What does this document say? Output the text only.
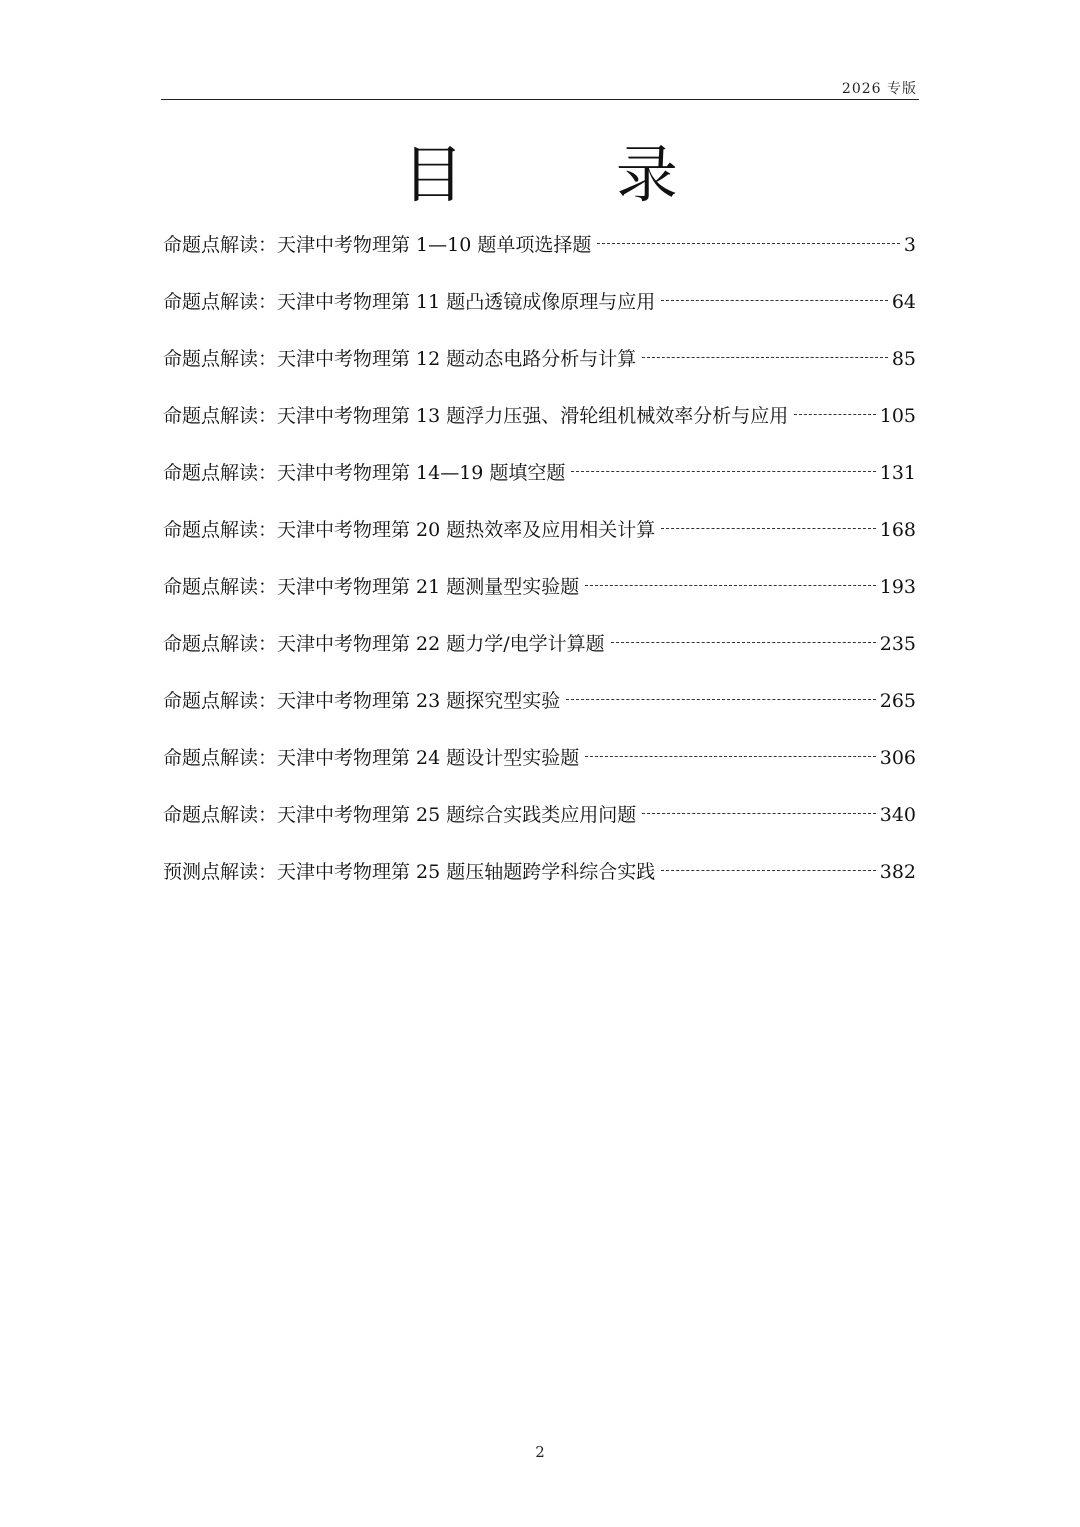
2026 专版
目 录
命题点解读：天津中考物理第 1—10 题单项选择题	3
命题点解读：天津中考物理第 11 题凸透镜成像原理与应用	64
命题点解读：天津中考物理第 12 题动态电路分析与计算	85
命题点解读：天津中考物理第 13 题浮力压强、滑轮组机械效率分析与应用	105
命题点解读：天津中考物理第 14—19 题填空题	131
命题点解读：天津中考物理第 20 题热效率及应用相关计算	168
命题点解读：天津中考物理第 21 题测量型实验题	193
命题点解读：天津中考物理第 22 题力学/电学计算题	235
命题点解读：天津中考物理第 23 题探究型实验	265
命题点解读：天津中考物理第 24 题设计型实验题	306
命题点解读：天津中考物理第 25 题综合实践类应用问题	340
预测点解读：天津中考物理第 25 题压轴题跨学科综合实践	382
2
